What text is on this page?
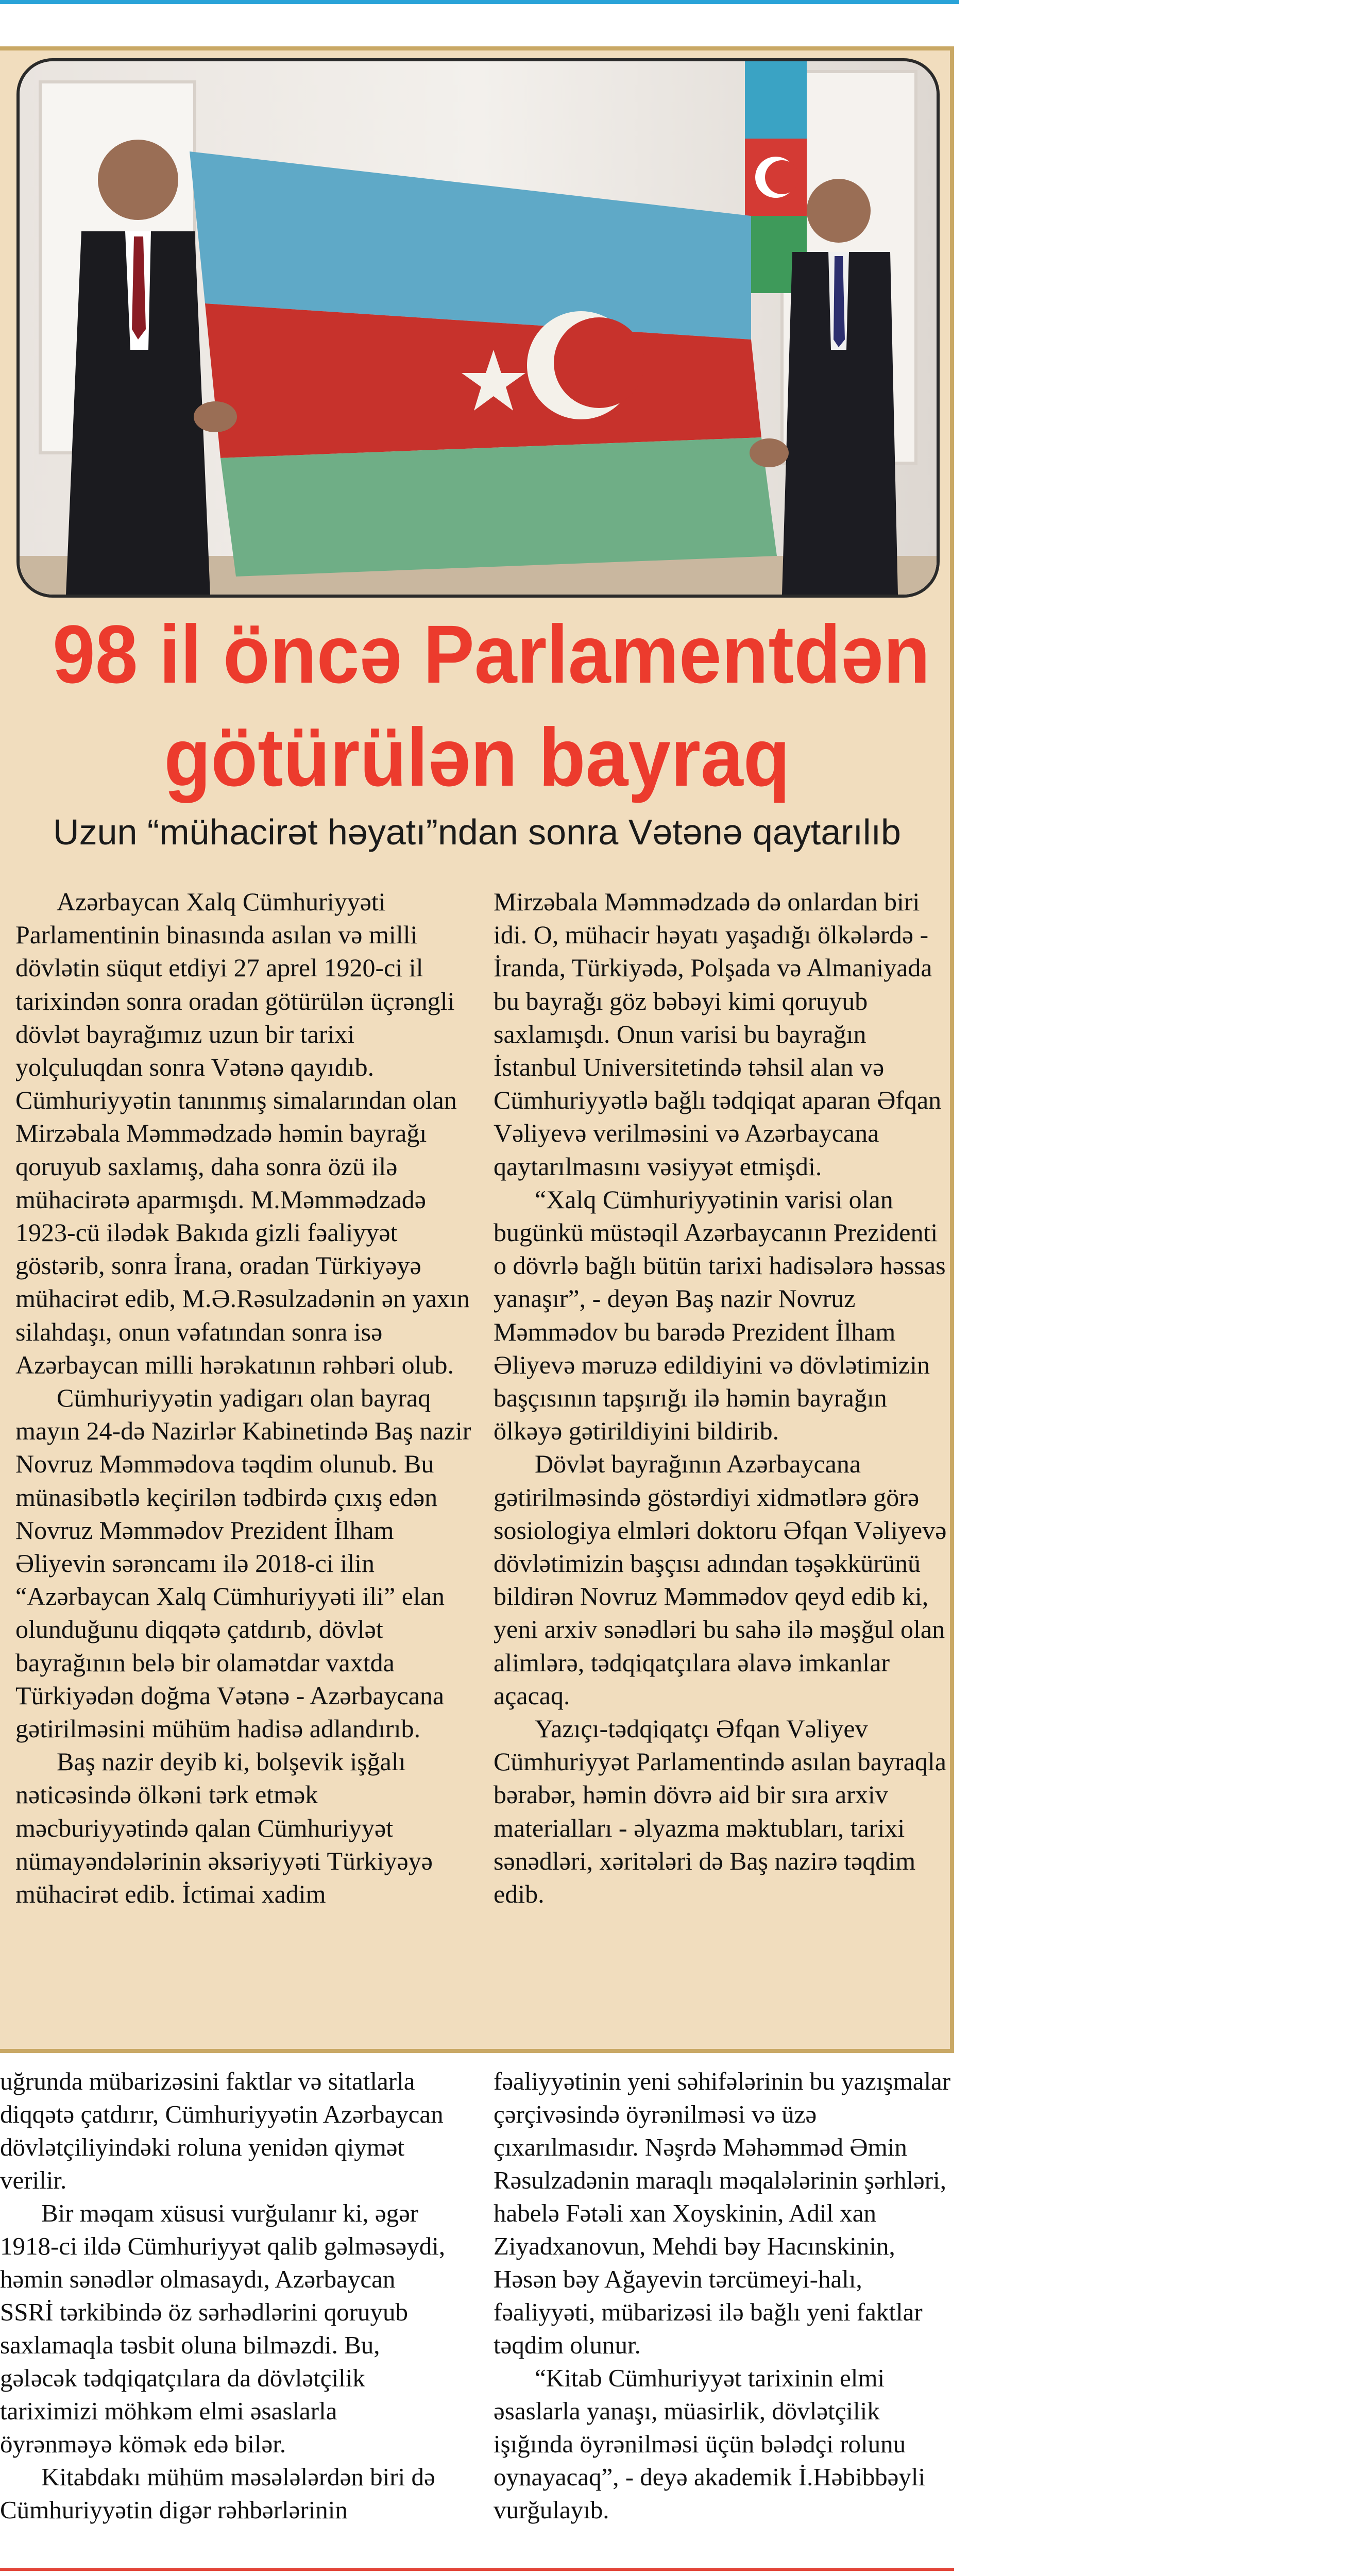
98 il öncə Parlamentdən
götürülən bayraq
Uzun “mühacirət həyatı”ndan sonra Vətənə qaytarılıb

Azərbaycan Xalq Cümhuriyyəti Parlamentinin binasında asılan və milli dövlətin süqut etdiyi 27 aprel 1920-ci il tarixindən sonra oradan götürülən üçrəngli dövlət bayrağımız uzun bir tarixi yolçuluqdan sonra Vətənə qayıdıb. Cümhuriyyətin tanınmış simalarından olan Mirzəbala Məmmədzadə həmin bayrağı qoruyub saxlamış, daha sonra özü ilə mühacirətə aparmışdı. M.Məmmədzadə 1923-cü ilədək Bakıda gizli fəaliyyət göstərib, sonra İrana, oradan Türkiyəyə mühacirət edib, M.Ə.Rəsulzadənin ən yaxın silahdaşı, onun vəfatından sonra isə Azərbaycan milli hərəkatının rəhbəri olub.

Cümhuriyyətin yadigarı olan bayraq mayın 24-də Nazirlər Kabinetində Baş nazir Novruz Məmmədova təqdim olunub. Bu münasibətlə keçirilən tədbirdə çıxış edən Novruz Məmmədov Prezident İlham Əliyevin sərəncamı ilə 2018-ci ilin “Azərbaycan Xalq Cümhuriyyəti ili” elan olunduğunu diqqətə çatdırıb, dövlət bayrağının belə bir olamətdar vaxtda Türkiyədən doğma Vətənə - Azərbaycana gətirilməsini mühüm hadisə adlandırıb.

Baş nazir deyib ki, bolşevik işğalı nəticəsində ölkəni tərk etmək məcburiyyətində qalan Cümhuriyyət nümayəndələrinin əksəriyyəti Türkiyəyə mühacirət edib. İctimai xadim

Mirzəbala Məmmədzadə də onlardan biri idi. O, mühacir həyatı yaşadığı ölkələrdə - İranda, Türkiyədə, Polşada və Almaniyada bu bayrağı göz bəbəyi kimi qoruyub saxlamışdı. Onun varisi bu bayrağın İstanbul Universitetində təhsil alan və Cümhuriyyətlə bağlı tədqiqat aparan Əfqan Vəliyevə verilməsini və Azərbaycana qaytarılmasını vəsiyyət etmişdi.

“Xalq Cümhuriyyətinin varisi olan bugünkü müstəqil Azərbaycanın Prezidenti o dövrlə bağlı bütün tarixi hadisələrə həssas yanaşır”, - deyən Baş nazir Novruz Məmmədov bu barədə Prezident İlham Əliyevə məruzə edildiyini və dövlətimizin başçısının tapşırığı ilə həmin bayrağın ölkəyə gətirildiyini bildirib.

Dövlət bayrağının Azərbaycana gətirilməsində göstərdiyi xidmətlərə görə sosiologiya elmləri doktoru Əfqan Vəliyevə dövlətimizin başçısı adından təşəkkürünü bildirən Novruz Məmmədov qeyd edib ki, yeni arxiv sənədləri bu sahə ilə məşğul olan alimlərə, tədqiqatçılara əlavə imkanlar açacaq.

Yazıçı-tədqiqatçı Əfqan Vəliyev Cümhuriyyət Parlamentində asılan bayraqla bərabər, həmin dövrə aid bir sıra arxiv materialları - əlyazma məktubları, tarixi sənədləri, xəritələri də Baş nazirə təqdim edib.

uğrunda mübarizəsini faktlar və sitatlarla diqqətə çatdırır, Cümhuriyyətin Azərbaycan dövlətçiliyindəki roluna yenidən qiymət verilir.

Bir məqam xüsusi vurğulanır ki, əgər 1918-ci ildə Cümhuriyyət qalib gəlməsəydi, həmin sənədlər olmasaydı, Azərbaycan SSRİ tərkibində öz sərhədlərini qoruyub saxlamaqla təsbit oluna bilməzdi. Bu, gələcək tədqiqatçılara da dövlətçilik tariximizi möhkəm elmi əsaslarla öyrənməyə kömək edə bilər.

Kitabdakı mühüm məsələlərdən biri də Cümhuriyyətin digər rəhbərlərinin

fəaliyyətinin yeni səhifələrinin bu yazışmalar çərçivəsində öyrənilməsi və üzə çıxarılmasıdır. Nəşrdə Məhəmməd Əmin Rəsulzadənin maraqlı məqalələrinin şərhləri, habelə Fətəli xan Xoyskinin, Adil xan Ziyadxanovun, Mehdi bəy Hacınskinin, Həsən bəy Ağayevin tərcümeyi-halı, fəaliyyəti, mübarizəsi ilə bağlı yeni faktlar təqdim olunur.

“Kitab Cümhuriyyət tarixinin elmi əsaslarla yanaşı, müasirlik, dövlətçilik işığında öyrənilməsi üçün bələdçi rolunu oynayacaq”, - deyə akademik İ.Həbibbəyli vurğulayıb.
